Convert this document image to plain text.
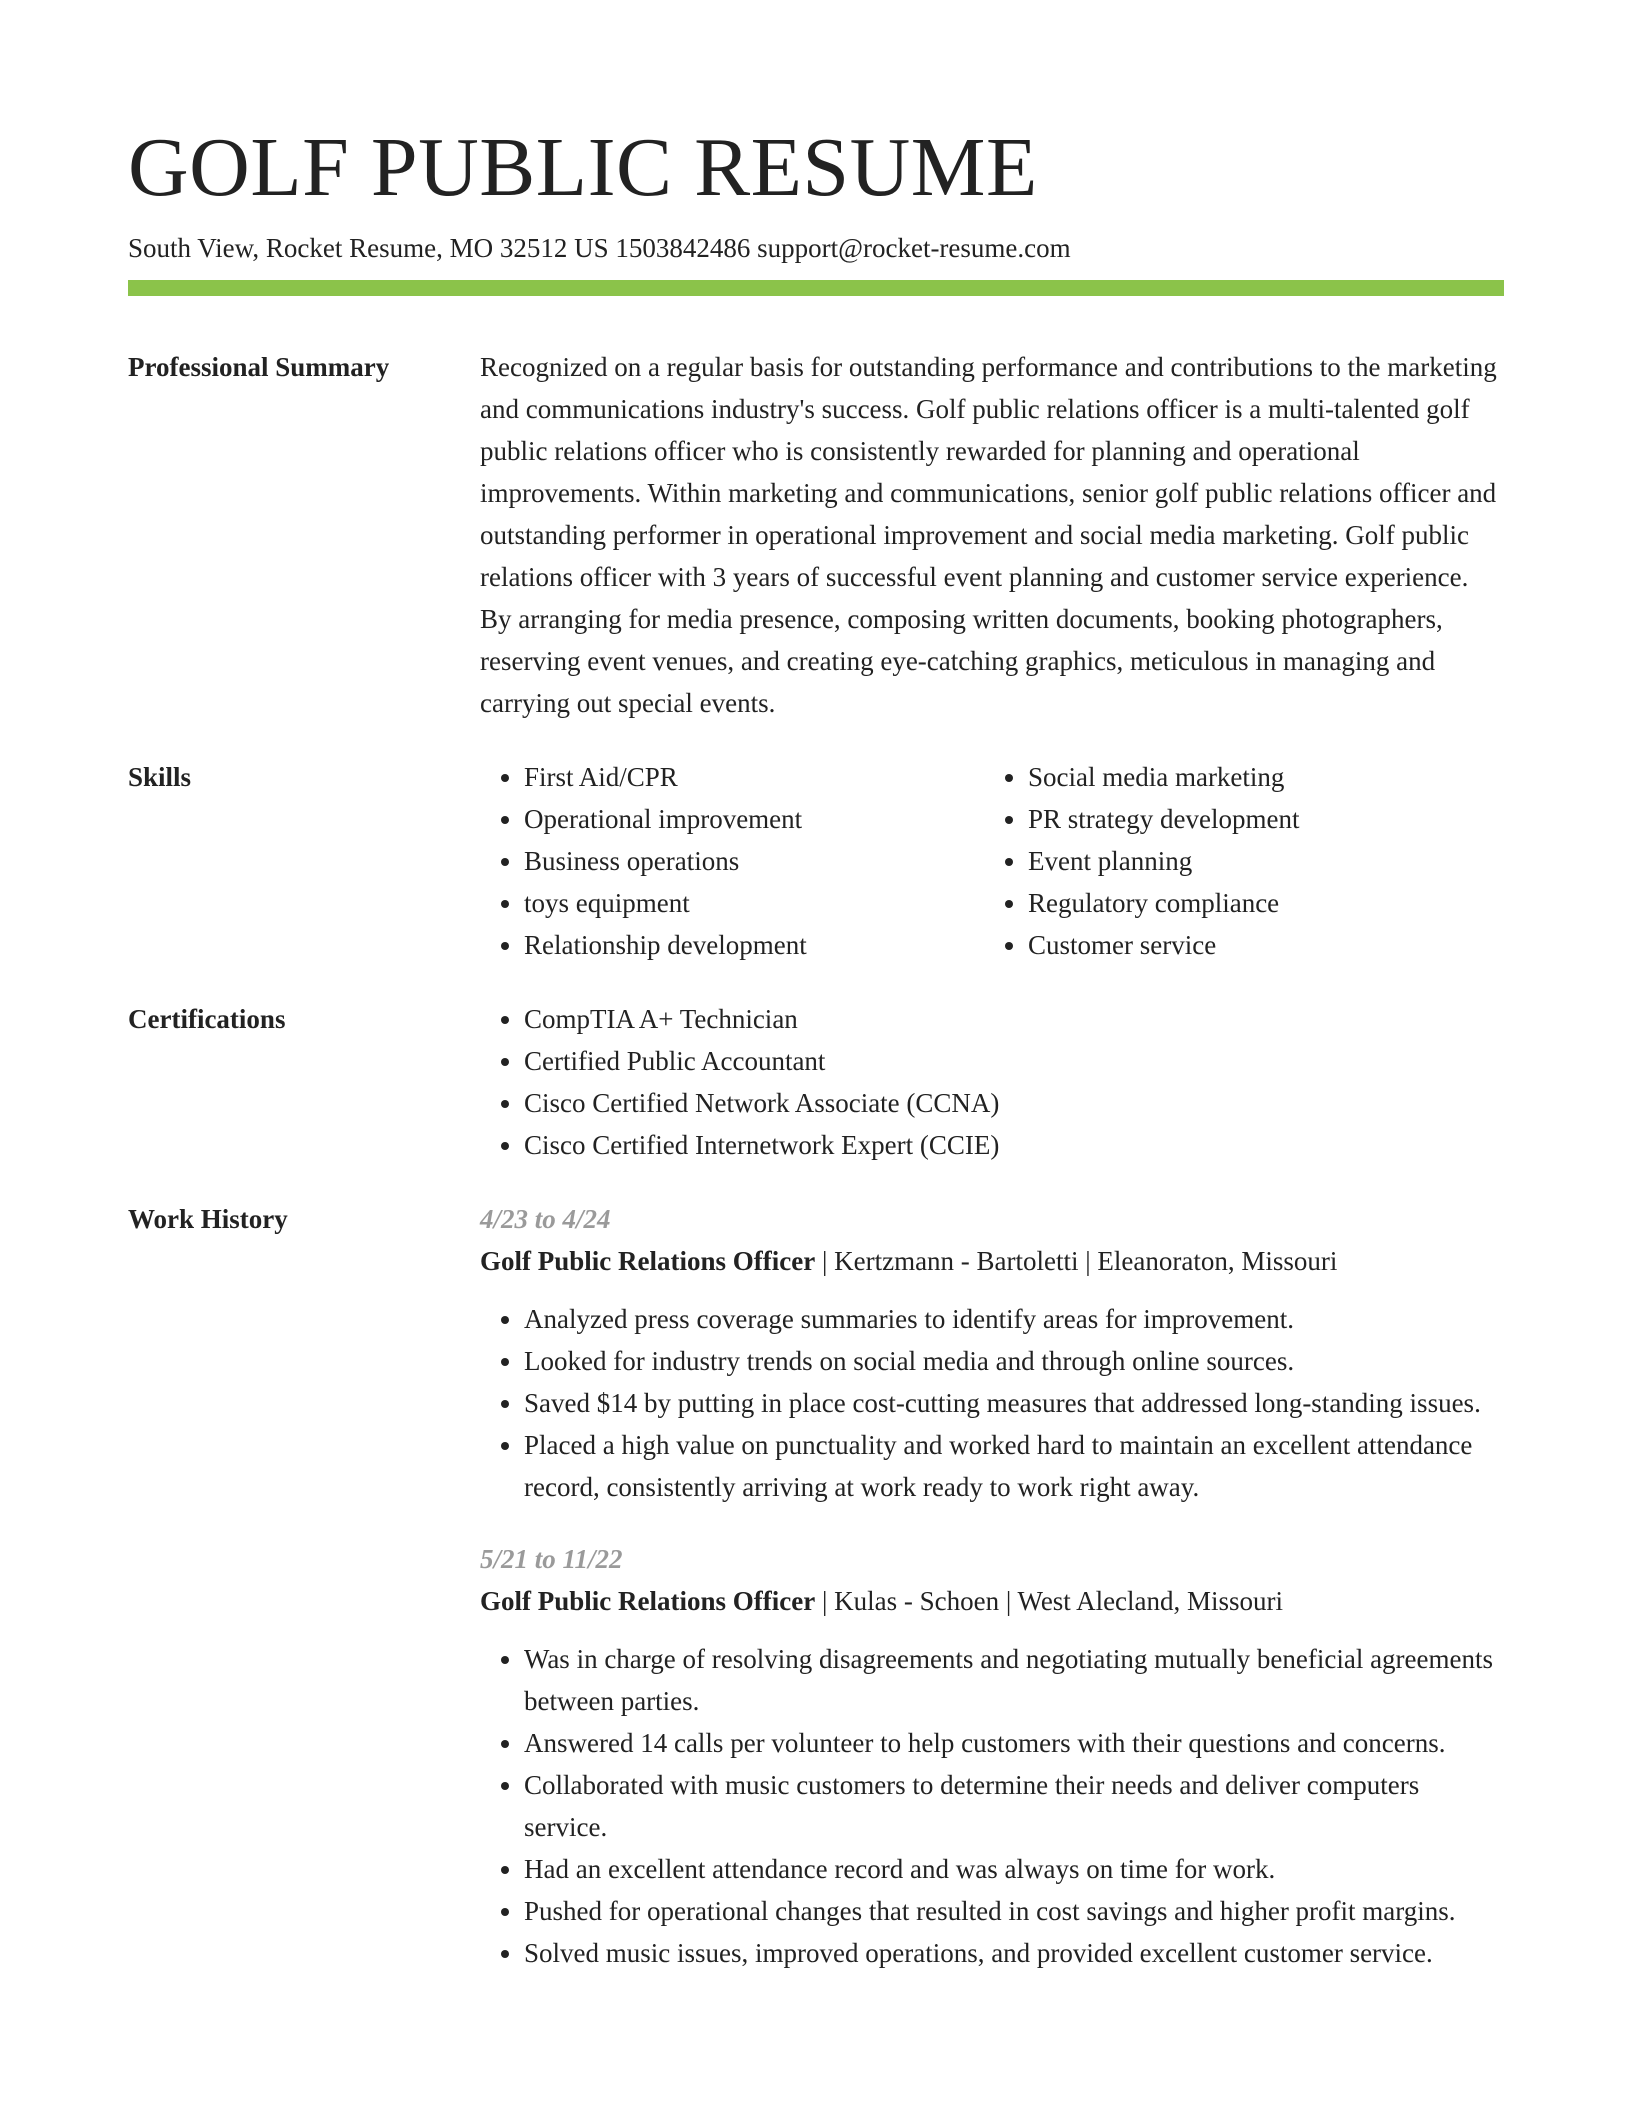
GOLF PUBLIC RESUME
South View, Rocket Resume, MO 32512 US 1503842486 support@rocket-resume.com
Professional Summary	Recognized on a regular basis for outstanding performance and contributions to the marketing and communications industry's success. Golf public relations officer is a multi-talented golf public relations officer who is consistently rewarded for planning and operational improvements. Within marketing and communications, senior golf public relations officer and outstanding performer in operational improvement and social media marketing. Golf public relations officer with 3 years of successful event planning and customer service experience. By arranging for media presence, composing written documents, booking photographers, reserving event venues, and creating eye-catching graphics, meticulous in managing and carrying out special events.

Skills	• First Aid/CPR
• Operational improvement
• Business operations
• toys equipment
• Relationship development
• Social media marketing
• PR strategy development
• Event planning
• Regulatory compliance
• Customer service
Certifications	• CompTIA A+ Technician
• Certified Public Accountant
• Cisco Certified Network Associate (CCNA)
• Cisco Certified Internetwork Expert (CCIE)
Work History	4/23 to 4/24
Golf Public Relations Officer | Kertzmann - Bartoletti | Eleanoraton, Missouri
• Analyzed press coverage summaries to identify areas for improvement.
• Looked for industry trends on social media and through online sources.
• Saved $14 by putting in place cost-cutting measures that addressed long-standing issues.
• Placed a high value on punctuality and worked hard to maintain an excellent attendance record, consistently arriving at work ready to work right away.
5/21 to 11/22
Golf Public Relations Officer | Kulas - Schoen | West Alecland, Missouri
• Was in charge of resolving disagreements and negotiating mutually beneficial agreements between parties.
• Answered 14 calls per volunteer to help customers with their questions and concerns.
• Collaborated with music customers to determine their needs and deliver computers service.
• Had an excellent attendance record and was always on time for work.
• Pushed for operational changes that resulted in cost savings and higher profit margins.
• Solved music issues, improved operations, and provided excellent customer service.
